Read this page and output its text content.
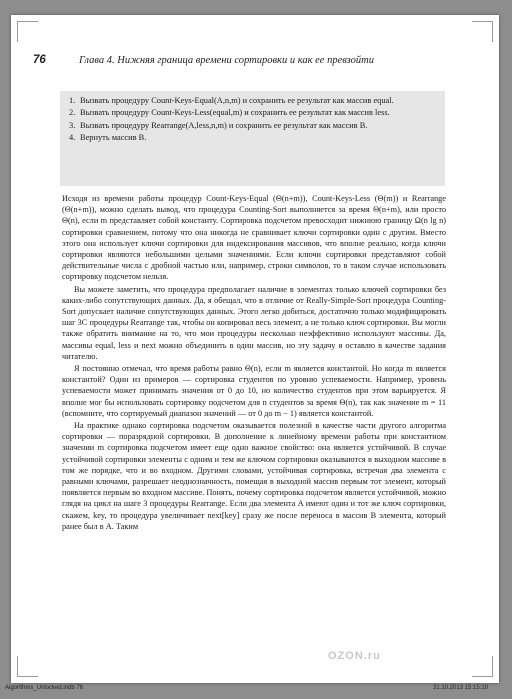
76	Глава 4. Нижняя граница времени сортировки и как ее превзойти
1. Вызвать процедуру Count-Keys-Equal(A,n,m) и сохранить ее результат как массив equal.
2. Вызвать процедуру Count-Keys-Less(equal,m) и сохранить ее результат как массив less.
3. Вызвать процедуру Rearrange(A,less,n,m) и сохранить ее результат как массив B.
4. Вернуть массив B.

Исходя из времени работы процедур Count-Keys-Equal (Θ(n+m)), Count-Keys-Less (Θ(m)) и Rearrange (Θ(n+m)), можно сделать вывод, что процедура Counting-Sort выполняется за время Θ(n+m), или просто Θ(n), если m представляет собой константу. Сортировка подсчетом превосходит нижнюю границу Ω(n lg n) сортировки сравнением, потому что она никогда не сравнивает ключи сортировки один с другим. Вместо этого она использует ключи сортировки для индексирования массивов, что вполне реально, когда ключи сортировки являются небольшими целыми значениями. Если ключи сортировки представляют собой действительные числа с дробной частью или, например, строки символов, то в таком случае использовать сортировку подсчетом нельзя.

Вы можете заметить, что процедура предполагает наличие в элементах только ключей сортировки без каких-либо сопутствующих данных. Да, я обещал, что в отличие от Really-Simple-Sort процедура Counting-Sort допускает наличие сопутствующих данных. Этого легко добиться, достаточно только модифицировать шаг 3С процедуры Rearrange так, чтобы он копировал весь элемент, а не только ключ сортировки. Вы могли также обратить внимание на то, что мои процедуры несколько неэффективно используют массивы. Да, массивы equal, less и next можно объединить в один массив, но эту задачу я оставлю в качестве задания читателю.

Я постоянно отмечал, что время работы равно Θ(n), если m является константой. Но когда m является константой? Один из примеров — сортировка студентов по уровню успеваемости. Например, уровень успеваемости может принимать значения от 0 до 10, но количество студентов при этом варьируется. Я вполне мог бы использовать сортировку подсчетом для n студентов за время Θ(n), так как значение m = 11 (вспомните, что сортируемый диапазон значений — от 0 до m − 1) является константой.

На практике однако сортировка подсчетом оказывается полезной в качестве части другого алгоритма сортировки — поразрядной сортировки. В дополнение к линейному времени работы при константном значении m сортировка подсчетом имеет еще одно важное свойство: она является устойчивой. В случае устойчивой сортировки элементы с одним и тем же ключом сортировки оказываются в выходном массиве в том же порядке, что и во входном. Другими словами, устойчивая сортировка, встречая два элемента с равными ключами, разрешает неоднозначность, помещая в выходной массив первым тот элемент, который появляется первым во входном массиве. Понять, почему сортировка подсчетом является устойчивой, можно глядя на цикл на шаге 3 процедуры Rearrange. Если два элемента A имеют один и тот же ключ сортировки, скажем, key, то процедура увеличивает next[key] сразу же после переноса в массив B элемента, который ранее был в A. Таким

OZON.ru
Algorithms_Unlocked.indb 76	31.10.2013 15:15:10
